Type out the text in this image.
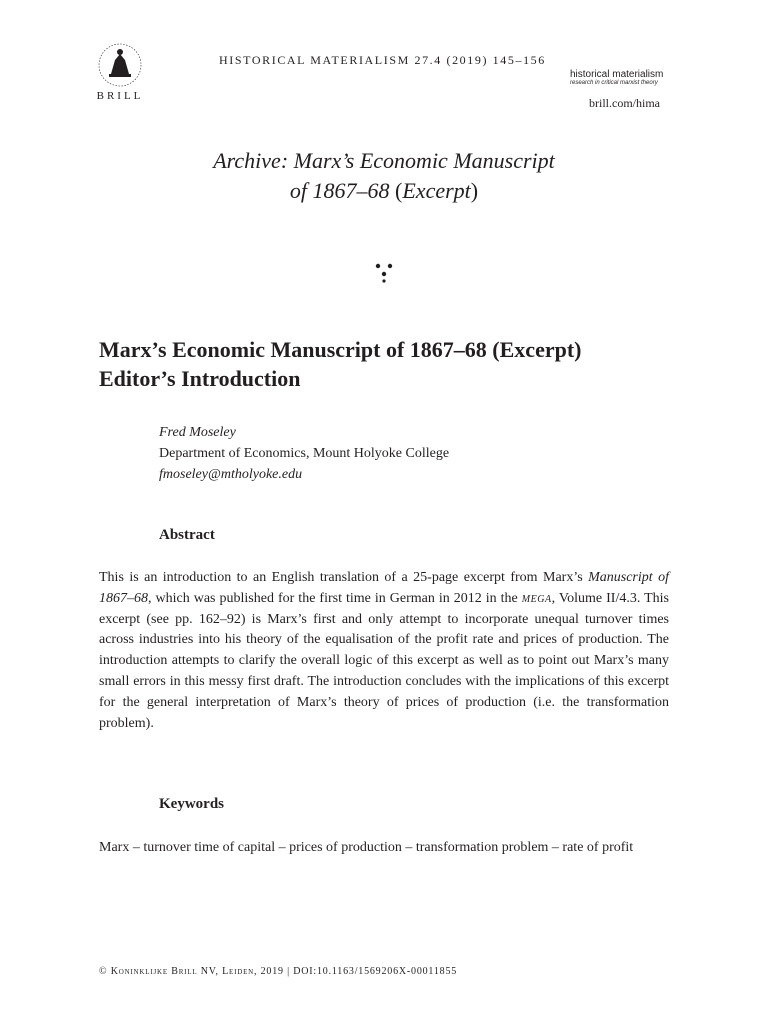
BRILL
HISTORICAL MATERIALISM 27.4 (2019) 145–156
historical materialism
research in critical marxist theory
brill.com/hima
Archive: Marx’s Economic Manuscript
of 1867–68 (Excerpt)
Marx’s Economic Manuscript of 1867–68 (Excerpt)
Editor’s Introduction
Fred Moseley
Department of Economics, Mount Holyoke College
fmoseley@mtholyoke.edu
Abstract
This is an introduction to an English translation of a 25-page excerpt from Marx’s Manuscript of 1867–68, which was published for the first time in German in 2012 in the mega, Volume II/4.3. This excerpt (see pp. 162–92) is Marx’s first and only attempt to incorporate unequal turnover times across industries into his theory of the equalisation of the profit rate and prices of production. The introduction attempts to clarify the overall logic of this excerpt as well as to point out Marx’s many small errors in this messy first draft. The introduction concludes with the implications of this excerpt for the general interpretation of Marx’s theory of prices of production (i.e. the transformation problem).
Keywords
Marx – turnover time of capital – prices of production – transformation problem – rate of profit
© Koninklijke Brill NV, Leiden, 2019 | DOI:10.1163/1569206X-00011855
